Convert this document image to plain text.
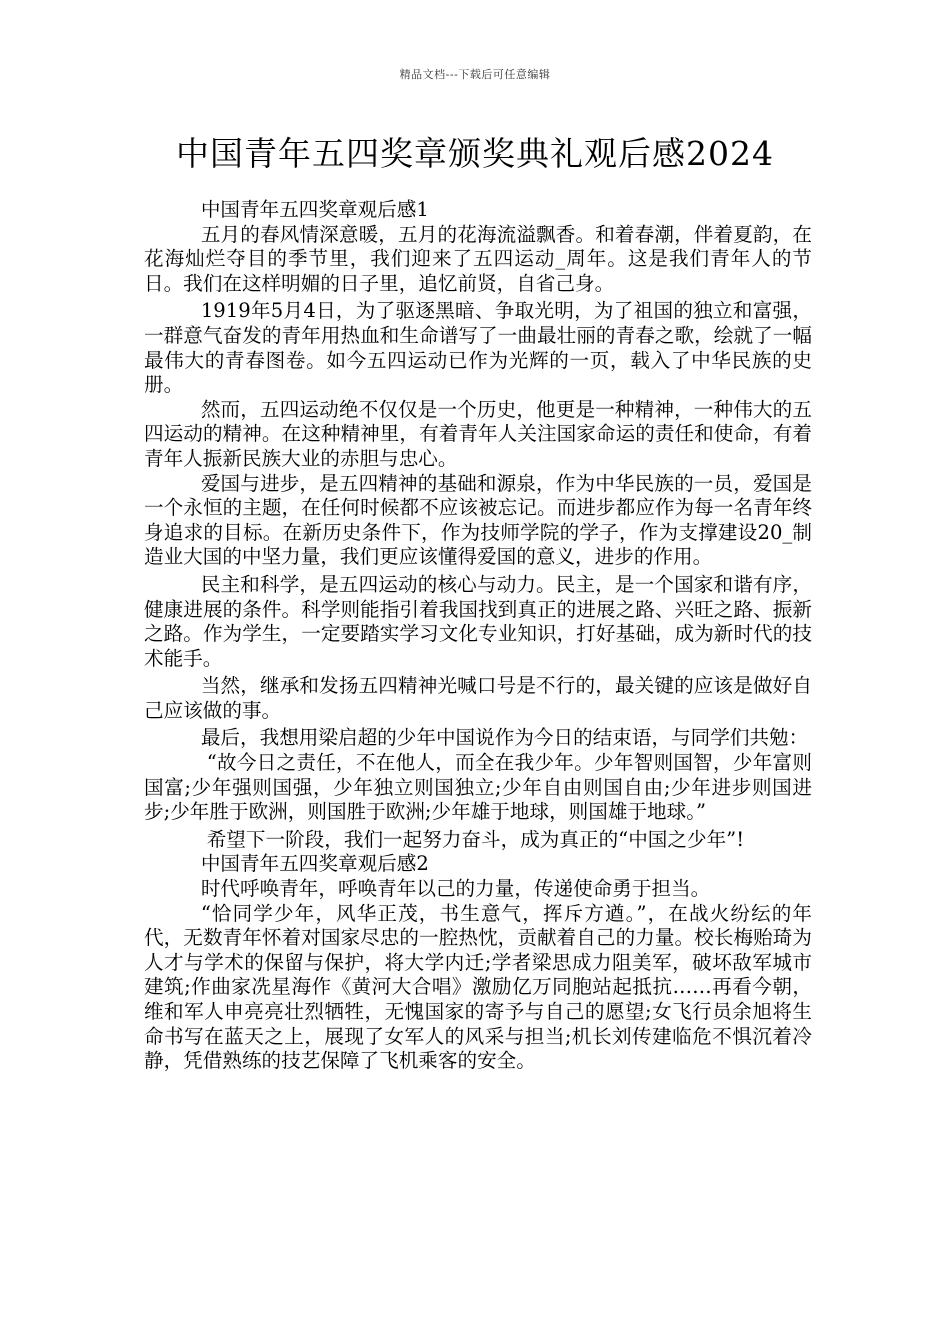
精品文档---下载后可任意编辑
中国青年五四奖章颁奖典礼观后感2024

中国青年五四奖章观后感1

五月的春风情深意暖，五月的花海流溢飘香。和着春潮，伴着夏韵，在花海灿烂夺目的季节里，我们迎来了五四运动_周年。这是我们青年人的节日。我们在这样明媚的日子里，追忆前贤，自省己身。

1919年5月4日，为了驱逐黑暗、争取光明，为了祖国的独立和富强，一群意气奋发的青年用热血和生命谱写了一曲最壮丽的青春之歌，绘就了一幅最伟大的青春图卷。如今五四运动已作为光辉的一页，载入了中华民族的史册。

然而，五四运动绝不仅仅是一个历史，他更是一种精神，一种伟大的五四运动的精神。在这种精神里，有着青年人关注国家命运的责任和使命，有着青年人振新民族大业的赤胆与忠心。

爱国与进步，是五四精神的基础和源泉，作为中华民族的一员，爱国是一个永恒的主题，在任何时候都不应该被忘记。而进步都应作为每一名青年终身追求的目标。在新历史条件下，作为技师学院的学子，作为支撑建设20_制造业大国的中坚力量，我们更应该懂得爱国的意义，进步的作用。

民主和科学，是五四运动的核心与动力。民主，是一个国家和谐有序，健康进展的条件。科学则能指引着我国找到真正的进展之路、兴旺之路、振新之路。作为学生，一定要踏实学习文化专业知识，打好基础，成为新时代的技术能手。

当然，继承和发扬五四精神光喊口号是不行的，最关键的应该是做好自己应该做的事。

最后，我想用梁启超的少年中国说作为今日的结束语，与同学们共勉：

“故今日之责任，不在他人，而全在我少年。少年智则国智，少年富则国富;少年强则国强，少年独立则国独立;少年自由则国自由;少年进步则国进步;少年胜于欧洲，则国胜于欧洲;少年雄于地球，则国雄于地球。”

希望下一阶段，我们一起努力奋斗，成为真正的“中国之少年”!

中国青年五四奖章观后感2

时代呼唤青年，呼唤青年以己的力量，传递使命勇于担当。

“恰同学少年，风华正茂，书生意气，挥斥方遒。”，在战火纷纭的年代，无数青年怀着对国家尽忠的一腔热忱，贡献着自己的力量。校长梅贻琦为人才与学术的保留与保护，将大学内迁;学者梁思成力阻美军，破坏敌军城市建筑;作曲家冼星海作《黄河大合唱》激励亿万同胞站起抵抗……再看今朝，维和军人申亮亮壮烈牺牲，无愧国家的寄予与自己的愿望;女飞行员余旭将生命书写在蓝天之上，展现了女军人的风采与担当;机长刘传建临危不惧沉着冷静，凭借熟练的技艺保障了飞机乘客的安全。
